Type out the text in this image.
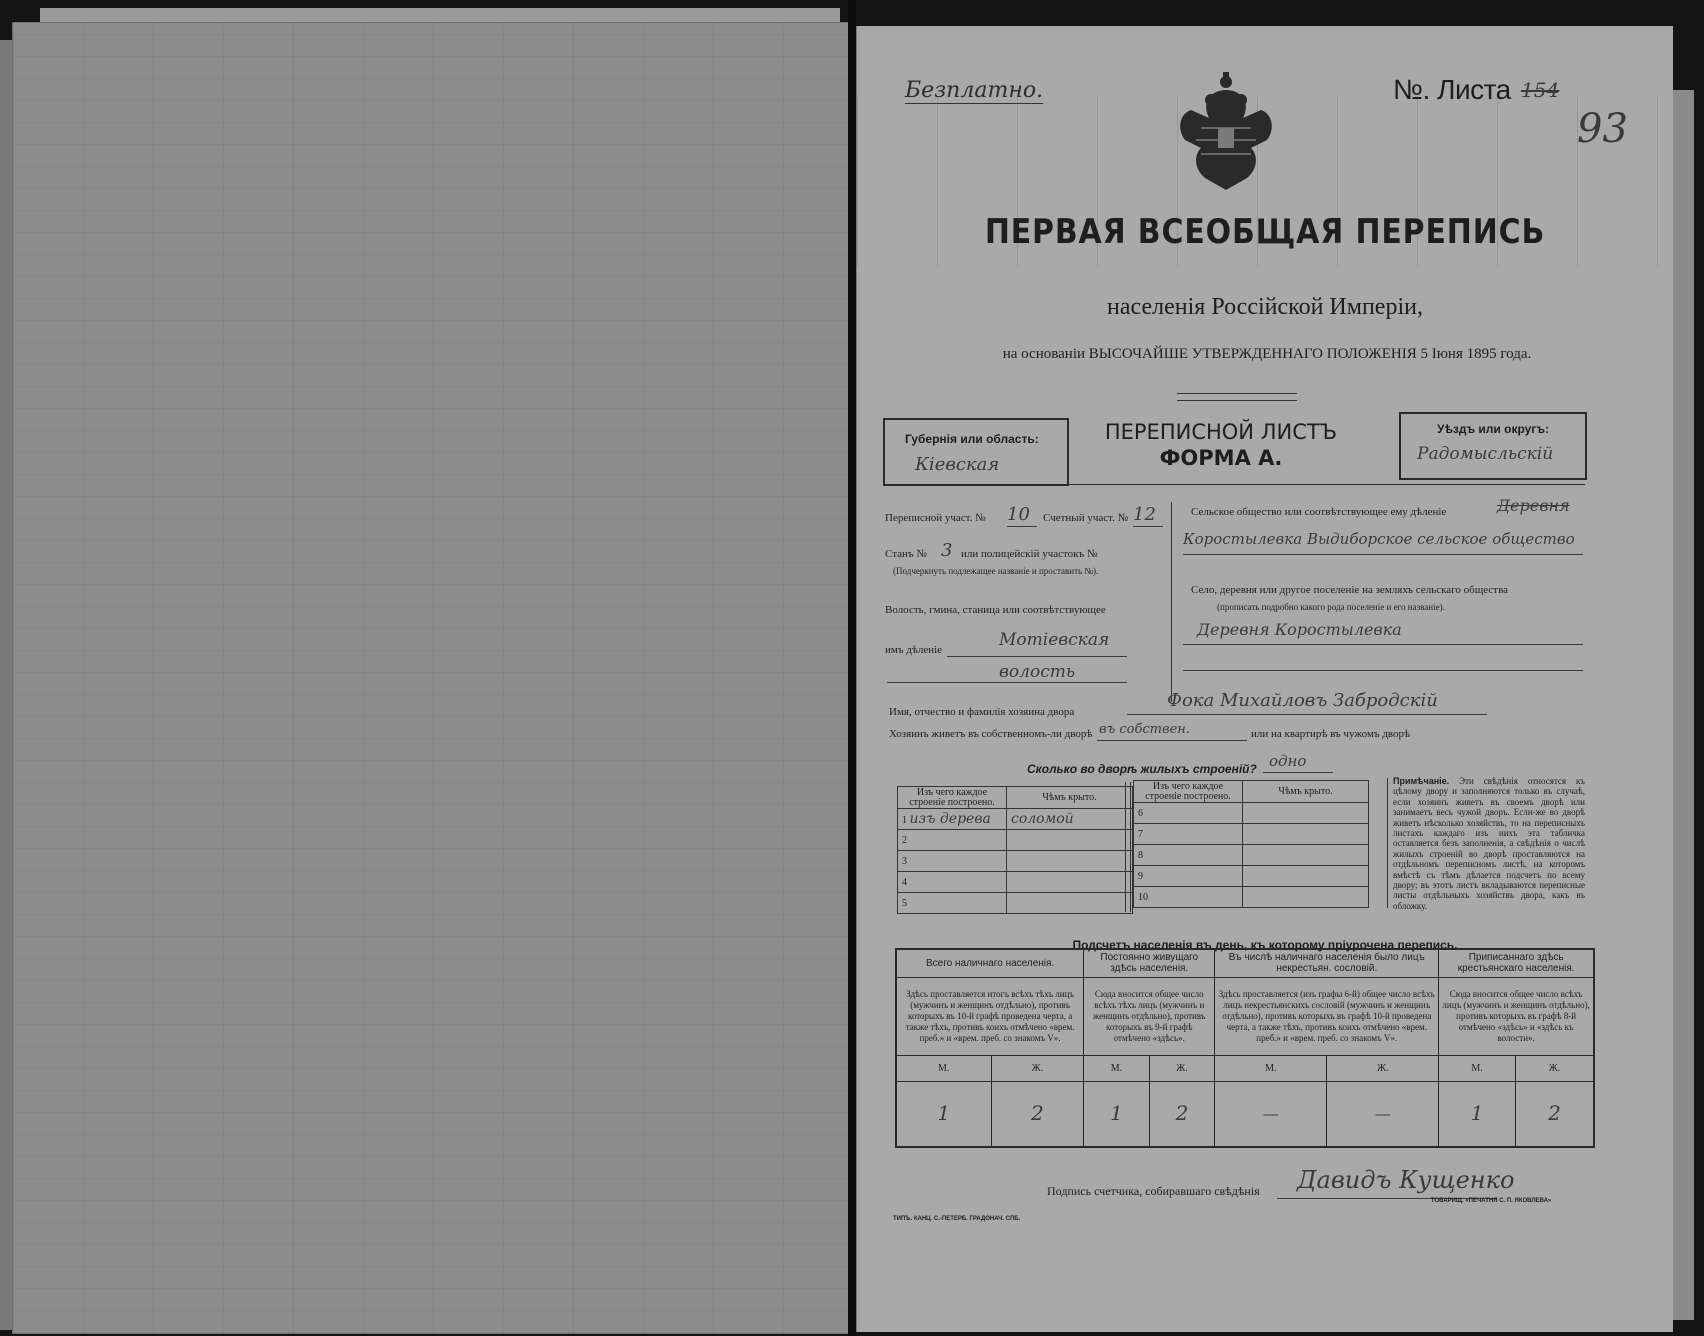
Безплатно.	№. Листа 154
93
ПЕРВАЯ ВСЕОБЩАЯ ПЕРЕПИСЬ
населенія Россійской Имперіи,
на основаніи ВЫСОЧАЙШЕ УТВЕРЖДЕННАГО ПОЛОЖЕНІЯ 5 Іюня 1895 года.
Губернія или область:
Кіевская
ПЕРЕПИСНОЙ ЛИСТЪ
ФОРМА А.
Уѣздъ или округъ:
Радомысльскій
Переписной участ. № 10 Счетный участ. № 12
Станъ № 3 или полицейскій участокъ №
(Подчеркнуть подлежащее названіе и проставить №).
Волость, гмина, станица или соотвѣтствующее
имъ дѣленіе	Мотіевская
волость
Сельское общество или соотвѣтствующее ему дѣленіе	Деревня
Коростылевка Выдиборское сельское общество
Село, деревня или другое поселеніе на земляхъ сельскаго общества
(прописать подробно какого рода поселеніе и его названіе).
Деревня Коростылевка
Имя, отчество и фамилія хозяина двора
Фока Михайловъ Забродскій
Хозяинъ живетъ въ собственномъ-ли дворѣ въ собствен.	или на квартирѣ въ чужомъ дворѣ
Сколько во дворѣ жилыхъ строеній? одно
Изъ чего каждое строеніе построено.	Чѣмъ крыто.
1 изъ дерева	соломой
2	
3	
4	
5	
Изъ чего каждое строеніе построено.	Чѣмъ крыто.
6	
7	
8	
9	
10	
Примѣчаніе. Эти свѣдѣнія относятся къ цѣлому двору и заполняются только въ случаѣ, если хозяинъ живетъ въ своемъ дворѣ или занимаетъ весь чужой дворъ. Если-же во дворѣ живетъ нѣсколько хозяйствъ, то на переписныхъ листахъ каждаго изъ нихъ эта табличка оставляется безъ заполненія, а свѣдѣнія о числѣ жилыхъ строеній во дворѣ проставляются на отдѣльномъ переписномъ листѣ, на которомъ вмѣстѣ съ тѣмъ дѣлается подсчетъ по всему двору; въ этотъ листъ вкладываются переписные листы отдѣльныхъ хозяйствъ двора, какъ въ обложку.
Подсчетъ населенія въ день, къ которому пріурочена перепись.
Всего наличнаго населенія.		Постоянно живущаго здѣсь населенія.		Въ числѣ наличнаго населенія было лицъ некрестьян. сословій.		Приписаннаго здѣсь крестьянскаго населенія.	
Здѣсь проставляется итогъ всѣхъ тѣхъ лицъ (мужчинъ и женщинъ отдѣльно), противъ которыхъ въ 10-й графѣ проведена черта, а также тѣхъ, противъ коихъ отмѣчено «врем. преб.» и «врем. преб. со знакомъ V».		Сюда вносится общее число всѣхъ тѣхъ лицъ (мужчинъ и женщинъ отдѣльно), противъ которыхъ въ 9-й графѣ отмѣчено «здѣсь».		Здѣсь проставляется (изъ графы 6-й) общее число всѣхъ лицъ некрестьянскихъ сословій (мужчинъ и женщинъ отдѣльно), противъ которыхъ въ графѣ 10-й проведена черта, а также тѣхъ, противъ коихъ отмѣчено «врем. преб.» и «врем. преб. со знакомъ V».		Сюда вносится общее число всѣхъ лицъ (мужчинъ и женщинъ отдѣльно), противъ которыхъ въ графѣ 8-й отмѣчено «здѣсь» и «здѣсь къ волости».	
М.	Ж.	М.	Ж.	М.	Ж.	М.	Ж.
1	2	1	2	—	—	1	2
Подпись счетчика, собиравшаго свѣдѣнія Давидъ Кущенко
ТИПЪ. КАНЦ. С.-ПЕТЕРБ. ГРАДОНАЧ. СПБ.
ТОВАРИЩ. «ПЕЧАТНЯ С. П. ЯКОВЛЕВА»
